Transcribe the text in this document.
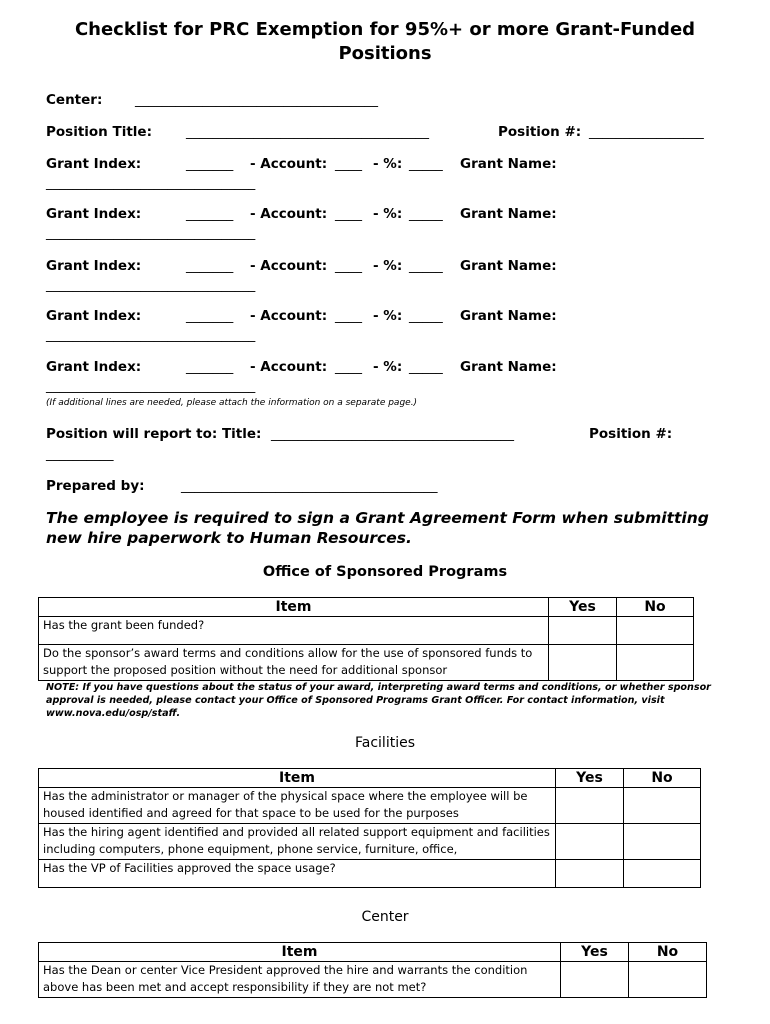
Checklist for PRC Exemption for 95%+ or more Grant-Funded Positions
Center: ____________________________________
Position Title:	____________________________________	Position #: _________________
Grant Index:	_______ - Account: ____ - %: _____ Grant Name:
_______________________________
Grant Index:	_______ - Account: ____ - %: _____ Grant Name:
_______________________________
Grant Index:	_______ - Account: ____ - %: _____ Grant Name:
_______________________________
Grant Index:	_______ - Account: ____ - %: _____ Grant Name:
_______________________________
Grant Index:	_______ - Account: ____ - %: _____ Grant Name:
_______________________________
(If additional lines are needed, please attach the information on a separate page.)
Position will report to: Title: ____________________________________	Position #:
__________
Prepared by:	______________________________________
The employee is required to sign a Grant Agreement Form when submitting new hire paperwork to Human Resources.
Office of Sponsored Programs
Item	Yes	No
Has the grant been funded?		
Do the sponsor’s award terms and conditions allow for the use of sponsored funds to support the proposed position without the need for additional sponsor		
NOTE: If you have questions about the status of your award, interpreting award terms and conditions, or whether sponsor approval is needed, please contact your Office of Sponsored Programs Grant Officer. For contact information, visit www.nova.edu/osp/staff.
Facilities
Item	Yes	No
Has the administrator or manager of the physical space where the employee will be housed identified and agreed for that space to be used for the purposes		
Has the hiring agent identified and provided all related support equipment and facilities including computers, phone equipment, phone service, furniture, office,		
Has the VP of Facilities approved the space usage?		
Center
Item	Yes	No
Has the Dean or center Vice President approved the hire and warrants the condition above has been met and accept responsibility if they are not met?		
